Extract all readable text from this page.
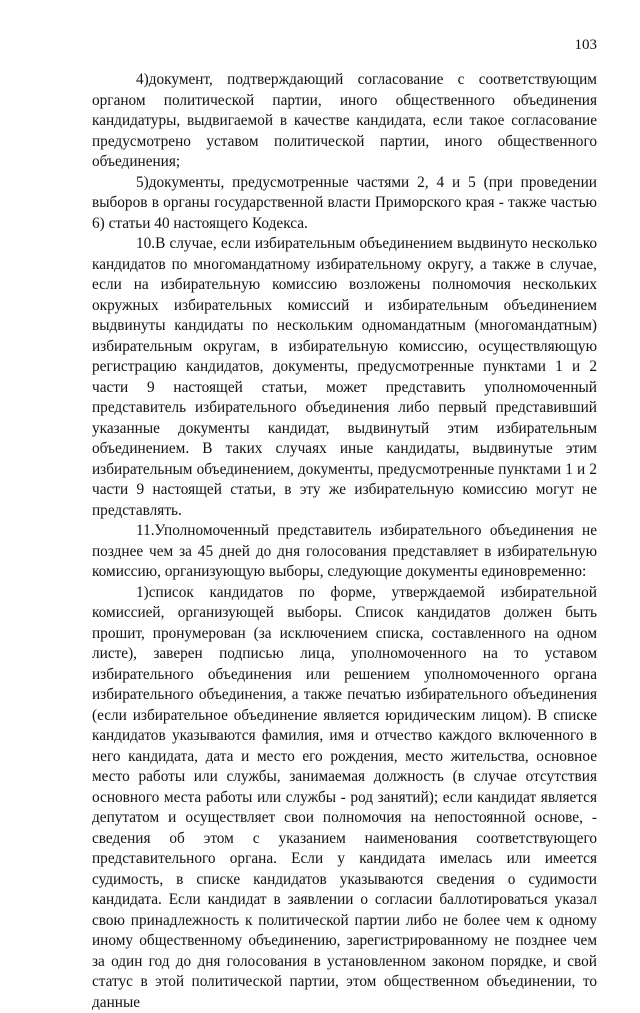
103

4)документ, подтверждающий согласование с соответствующим органом политической партии, иного общественного объединения кандидатуры, выдвигаемой в качестве кандидата, если такое согласование предусмотрено уставом политической партии, иного общественного объединения;

5)документы, предусмотренные частями 2, 4 и 5 (при проведении выборов в органы государственной власти Приморского края - также частью 6) статьи 40 настоящего Кодекса.

10.В случае, если избирательным объединением выдвинуто несколько кандидатов по многомандатному избирательному округу, а также в случае, если на избирательную комиссию возложены полномочия нескольких окружных избирательных комиссий и избирательным объединением выдвинуты кандидаты по нескольким одномандатным (многомандатным) избирательным округам, в избирательную комиссию, осуществляющую регистрацию кандидатов, документы, предусмотренные пунктами 1 и 2 части 9 настоящей статьи, может представить уполномоченный представитель избирательного объединения либо первый представивший указанные документы кандидат, выдвинутый этим избирательным объединением. В таких случаях иные кандидаты, выдвинутые этим избирательным объединением, документы, предусмотренные пунктами 1 и 2 части 9 настоящей статьи, в эту же избирательную комиссию могут не представлять.

11.Уполномоченный представитель избирательного объединения не позднее чем за 45 дней до дня голосования представляет в избирательную комиссию, организующую выборы, следующие документы единовременно:

1)список кандидатов по форме, утверждаемой избирательной комиссией, организующей выборы. Список кандидатов должен быть прошит, пронумерован (за исключением списка, составленного на одном листе), заверен подписью лица, уполномоченного на то уставом избирательного объединения или решением уполномоченного органа избирательного объединения, а также печатью избирательного объединения (если избирательное объединение является юридическим лицом). В списке кандидатов указываются фамилия, имя и отчество каждого включенного в него кандидата, дата и место его рождения, место жительства, основное место работы или службы, занимаемая должность (в случае отсутствия основного места работы или службы - род занятий); если кандидат является депутатом и осуществляет свои полномочия на непостоянной основе, - сведения об этом с указанием наименования соответствующего представительного органа. Если у кандидата имелась или имеется судимость, в списке кандидатов указываются сведения о судимости кандидата. Если кандидат в заявлении о согласии баллотироваться указал свою принадлежность к политической партии либо не более чем к одному иному общественному объединению, зарегистрированному не позднее чем за один год до дня голосования в установленном законом порядке, и свой статус в этой политической партии, этом общественном объединении, то данные
